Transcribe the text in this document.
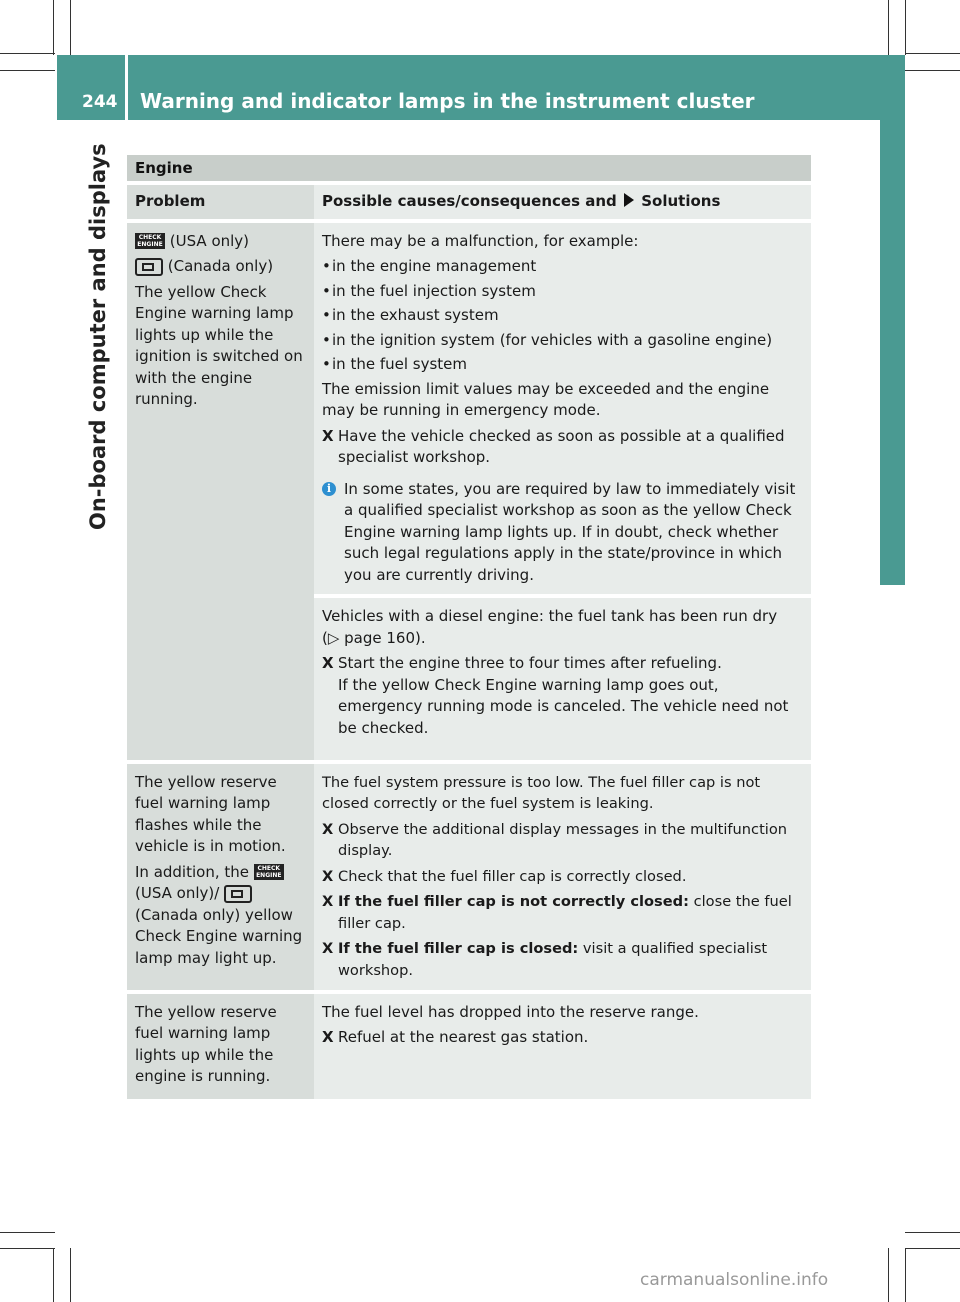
244 Warning and indicator lamps in the instrument cluster
On-board computer and displays	Engine
Problem	Possible causes/consequences and Solutions
CHECK
ENGINE (USA only)
(Canada only)
The yellow Check Engine warning lamp lights up while the ignition is switched on with the engine running.
There may be a malfunction, for example:
• in the engine management
• in the fuel injection system
• in the exhaust system
• in the ignition system (for vehicles with a gasoline engine)
• in the fuel system
The emission limit values may be exceeded and the engine may be running in emergency mode.
X Have the vehicle checked as soon as possible at a qualified specialist workshop.
i In some states, you are required by law to immediately visit a qualified specialist workshop as soon as the yellow Check Engine warning lamp lights up. If in doubt, check whether such legal regulations apply in the state/province in which you are currently driving.
Vehicles with a diesel engine: the fuel tank has been run dry
(▷ page 160).
X Start the engine three to four times after refueling.
If the yellow Check Engine warning lamp goes out, emergency running mode is canceled. The vehicle need not be checked.
The yellow reserve fuel warning lamp flashes while the vehicle is in motion.
In addition, the CHECK
ENGINE (USA only)/  (Canada only) yellow Check Engine warning lamp may light up.
The fuel system pressure is too low. The fuel filler cap is not closed correctly or the fuel system is leaking.
X Observe the additional display messages in the multifunction display.
X Check that the fuel filler cap is correctly closed.
X If the fuel filler cap is not correctly closed: close the fuel filler cap.
X If the fuel filler cap is closed: visit a qualified specialist workshop.
The yellow reserve fuel warning lamp lights up while the engine is running.
The fuel level has dropped into the reserve range.
X Refuel at the nearest gas station.
carmanualsonline.info
